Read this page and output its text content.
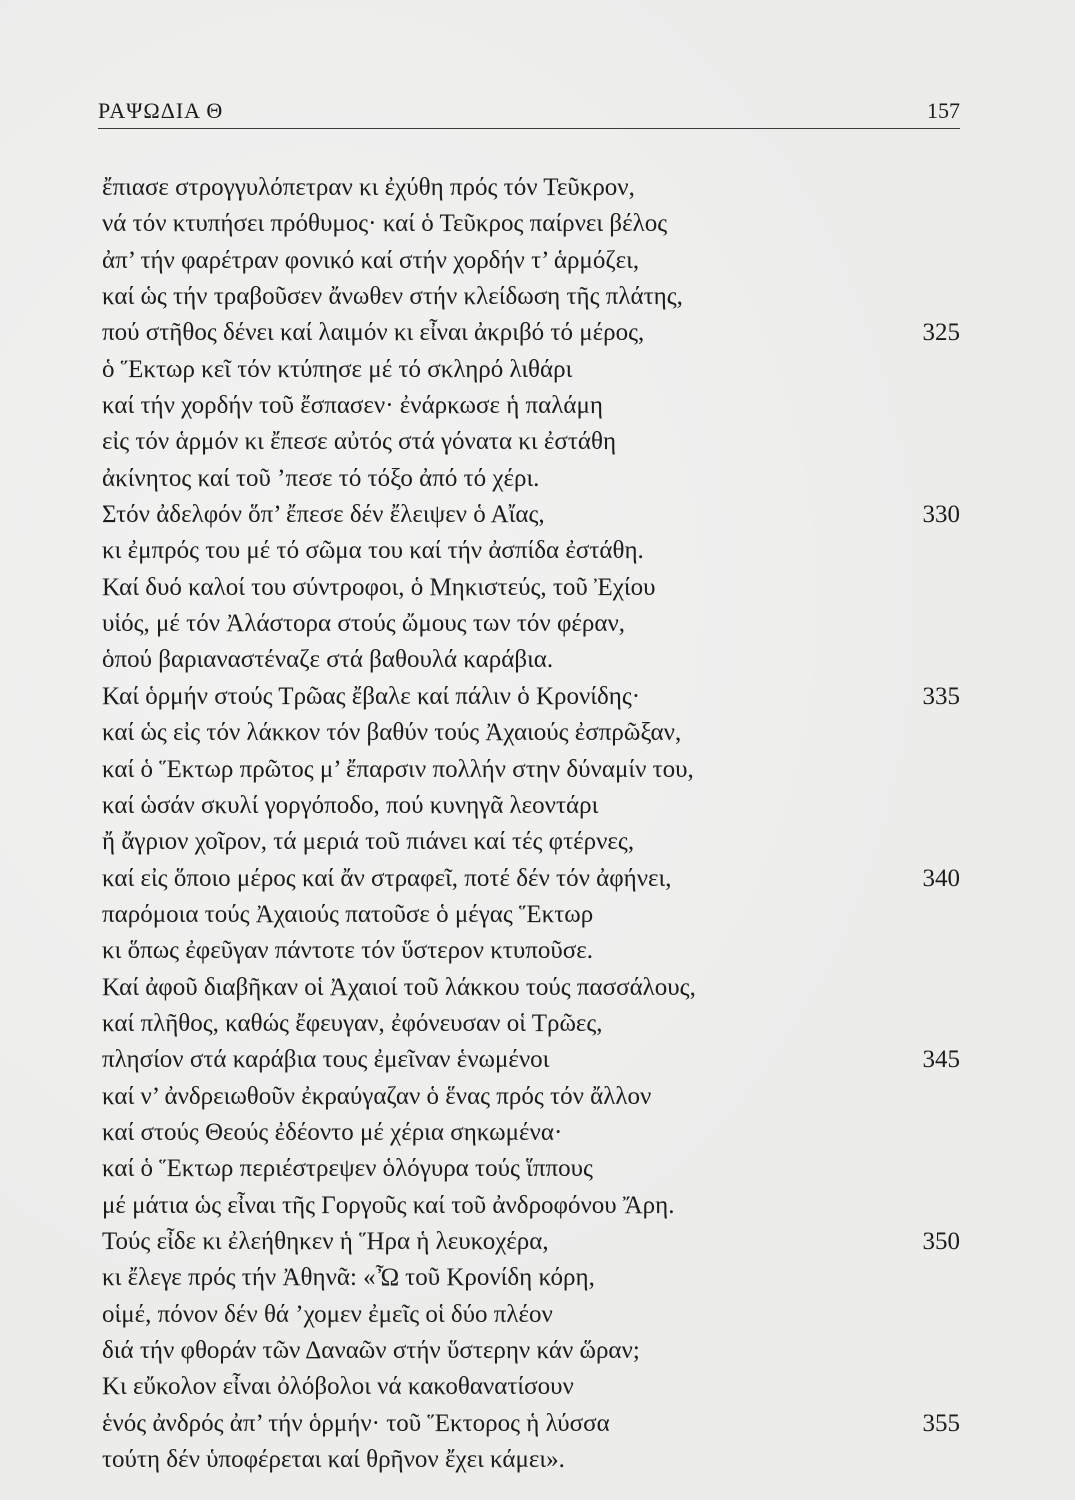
ΡΑΨΩΔΙΑ Θ	157
ἔπιασε στρογγυλόπετραν κι ἐχύθη πρός τόν Τεῦκρον,
νά τόν κτυπήσει πρόθυμος· καί ὁ Τεῦκρος παίρνει βέλος
ἀπ’ τήν φαρέτραν φονικό καί στήν χορδήν τ’ ἁρμόζει,
καί ὡς τήν τραβοῦσεν ἄνωθεν στήν κλείδωση τῆς πλάτης,
πού στῆθος δένει καί λαιμόν κι εἶναι ἀκριβό τό μέρος,	325
ὁ Ἕκτωρ κεῖ τόν κτύπησε μέ τό σκληρό λιθάρι
καί τήν χορδήν τοῦ ἔσπασεν· ἐνάρκωσε ἡ παλάμη
εἰς τόν ἁρμόν κι ἔπεσε αὐτός στά γόνατα κι ἐστάθη
ἀκίνητος καί τοῦ ’πεσε τό τόξο ἀπό τό χέρι.
Στόν ἀδελφόν ὅπ’ ἔπεσε δέν ἔλειψεν ὁ Αἴας,	330
κι ἐμπρός του μέ τό σῶμα του καί τήν ἀσπίδα ἐστάθη.
Καί δυό καλοί του σύντροφοι, ὁ Μηκιστεύς, τοῦ Ἐχίου
υἱός, μέ τόν Ἀλάστορα στούς ὤμους των τόν φέραν,
ὁπού βαριαναστέναζε στά βαθουλά καράβια.
Καί ὁρμήν στούς Τρῶας ἔβαλε καί πάλιν ὁ Κρονίδης·	335
καί ὡς εἰς τόν λάκκον τόν βαθύν τούς Ἀχαιούς ἐσπρῶξαν,
καί ὁ Ἕκτωρ πρῶτος μ’ ἔπαρσιν πολλήν στην δύναμίν του,
καί ὡσάν σκυλί γοργόποδο, πού κυνηγᾶ λεοντάρι
ἤ ἄγριον χοῖρον, τά μεριά τοῦ πιάνει καί τές φτέρνες,
καί εἰς ὅποιο μέρος καί ἄν στραφεῖ, ποτέ δέν τόν ἀφήνει,	340
παρόμοια τούς Ἀχαιούς πατοῦσε ὁ μέγας Ἕκτωρ
κι ὅπως ἐφεῦγαν πάντοτε τόν ὕστερον κτυποῦσε.
Καί ἀφοῦ διαβῆκαν οἱ Ἀχαιοί τοῦ λάκκου τούς πασσάλους,
καί πλῆθος, καθώς ἔφευγαν, ἐφόνευσαν οἱ Τρῶες,
πλησίον στά καράβια τους ἐμεῖναν ἑνωμένοι	345
καί ν’ ἀνδρειωθοῦν ἐκραύγαζαν ὁ ἕνας πρός τόν ἄλλον
καί στούς Θεούς ἐδέοντο μέ χέρια σηκωμένα·
καί ὁ Ἕκτωρ περιέστρεψεν ὁλόγυρα τούς ἵππους
μέ μάτια ὡς εἶναι τῆς Γοργοῦς καί τοῦ ἀνδροφόνου Ἄρη.
Τούς εἶδε κι ἐλεήθηκεν ἡ Ἥρα ἡ λευκοχέρα,	350
κι ἔλεγε πρός τήν Ἀθηνᾶ: «Ὦ τοῦ Κρονίδη κόρη,
οἱμέ, πόνον δέν θά ’χομεν ἐμεῖς οἱ δύο πλέον
διά τήν φθοράν τῶν Δαναῶν στήν ὕστερην κάν ὥραν;
Κι εὔκολον εἶναι ὀλόβολοι νά κακοθανατίσουν
ἑνός ἀνδρός ἀπ’ τήν ὁρμήν· τοῦ Ἕκτορος ἡ λύσσα	355
τούτη δέν ὑποφέρεται καί θρῆνον ἔχει κάμει».
